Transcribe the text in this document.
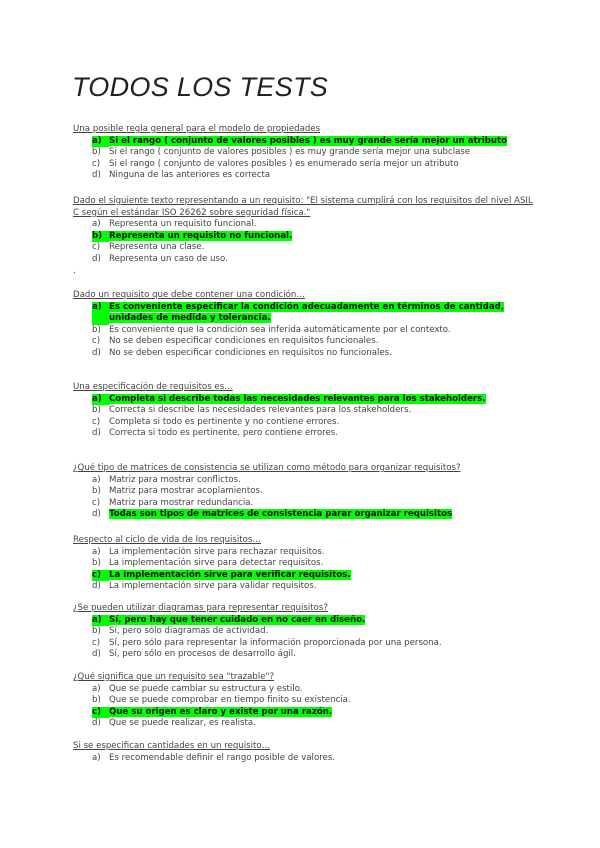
TODOS LOS TESTS
.
Una posible regla general para el modelo de propiedades
a) Si el rango ( conjunto de valores posibles ) es muy grande sería mejor un atributo
b) Si el rango ( conjunto de valores posibles ) es muy grande sería mejor una subclase
c)	Si el rango ( conjunto de valores posibles ) es enumerado sería mejor un atributo
d) Ninguna de las anteriores es correcta
Dado el siguiente texto representando a un requisito: "El sistema cumplirá con los requisitos del nivel ASIL C según el estándar ISO 26262 sobre seguridad física."
a) Representa un requisito funcional.
b) Representa un requisito no funcional.
c)	Representa una clase.
d) Representa un caso de uso.
Dado un requisito que debe contener una condición…
a) Es conveniente especificar la condición adecuadamente en términos de cantidad, unidades de medida y tolerancia.
b) Es conveniente que la condición sea inferida automáticamente por el contexto.
c)	No se deben especificar condiciones en requisitos funcionales.
d) No se deben especificar condiciones en requisitos no funcionales.
Una especificación de requisitos es…
a) Completa si describe todas las necesidades relevantes para los stakeholders.
b) Correcta si describe las necesidades relevantes para los stakeholders.
c)	Completa si todo es pertinente y no contiene errores.
d) Correcta si todo es pertinente, pero contiene errores.
¿Qué tipo de matrices de consistencia se utilizan como método para organizar requisitos?
a) Matriz para mostrar conflictos.
b) Matriz para mostrar acoplamientos.
c)	Matriz para mostrar redundancia.
d) Todas son tipos de matrices de consistencia parar organizar requisitos
Respecto al ciclo de vida de los requisitos…
a) La implementación sirve para rechazar requisitos.
b) La implementación sirve para detectar requisitos.
c) La implementación sirve para verificar requisitos.
d) La implementación sirve para validar requisitos.
¿Se pueden utilizar diagramas para representar requisitos?
a) Sí, pero hay que tener cuidado en no caer en diseño.
b) Sí, pero sólo diagramas de actividad.
c)	Sí, pero sólo para representar la información proporcionada por una persona.
d) Sí, pero sólo en procesos de desarrollo ágil.
¿Qué significa que un requisito sea "trazable"?
a) Que se puede cambiar su estructura y estilo.
b) Que se puede comprobar en tiempo finito su existencia.
c) Que su origen es claro y existe por una razón.
d) Que se puede realizar, es realista.
Si se especifican cantidades en un requisito…
a) Es recomendable definir el rango posible de valores.
